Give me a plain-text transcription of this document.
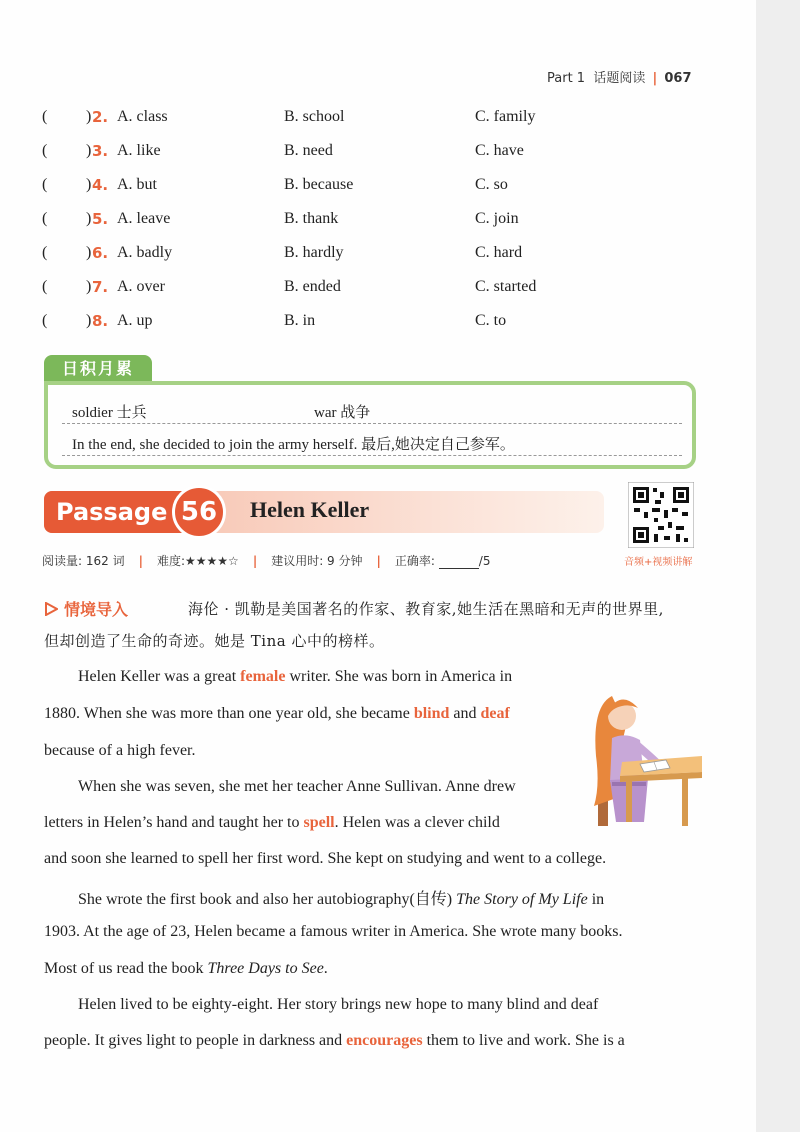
Part 1 话题阅读 | 067
( ) 2. A. class	B. school	C. family
( ) 3. A. like	B. need	C. have
( ) 4. A. but	B. because	C. so
( ) 5. A. leave	B. thank	C. join
( ) 6. A. badly	B. hardly	C. hard
( ) 7. A. over	B. ended	C. started
( ) 8. A. up	B. in	C. to
日积月累
soldier 士兵	war 战争
In the end, she decided to join the army herself. 最后,她决定自己参军。
Passage 56	Helen Keller
音频+视频讲解
阅读量: 162 词 | 难度:★★★★☆ | 建议用时: 9 分钟 | 正确率:	/5
情境导入	海伦 · 凯勒是美国著名的作家、教育家,她生活在黑暗和无声的世界里,
但却创造了生命的奇迹。她是 Tina 心中的榜样。
Helen Keller was a great female writer. She was born in America in
1880. When she was more than one year old, she became blind and deaf
because of a high fever.
When she was seven, she met her teacher Anne Sullivan. Anne drew
letters in Helen’s hand and taught her to spell. Helen was a clever child
and soon she learned to spell her first word. She kept on studying and went to a college.
She wrote the first book and also her autobiography(自传) The Story of My Life in
1903. At the age of 23, Helen became a famous writer in America. She wrote many books.
Most of us read the book Three Days to See.
Helen lived to be eighty-eight. Her story brings new hope to many blind and deaf
people. It gives light to people in darkness and encourages them to live and work. She is a
